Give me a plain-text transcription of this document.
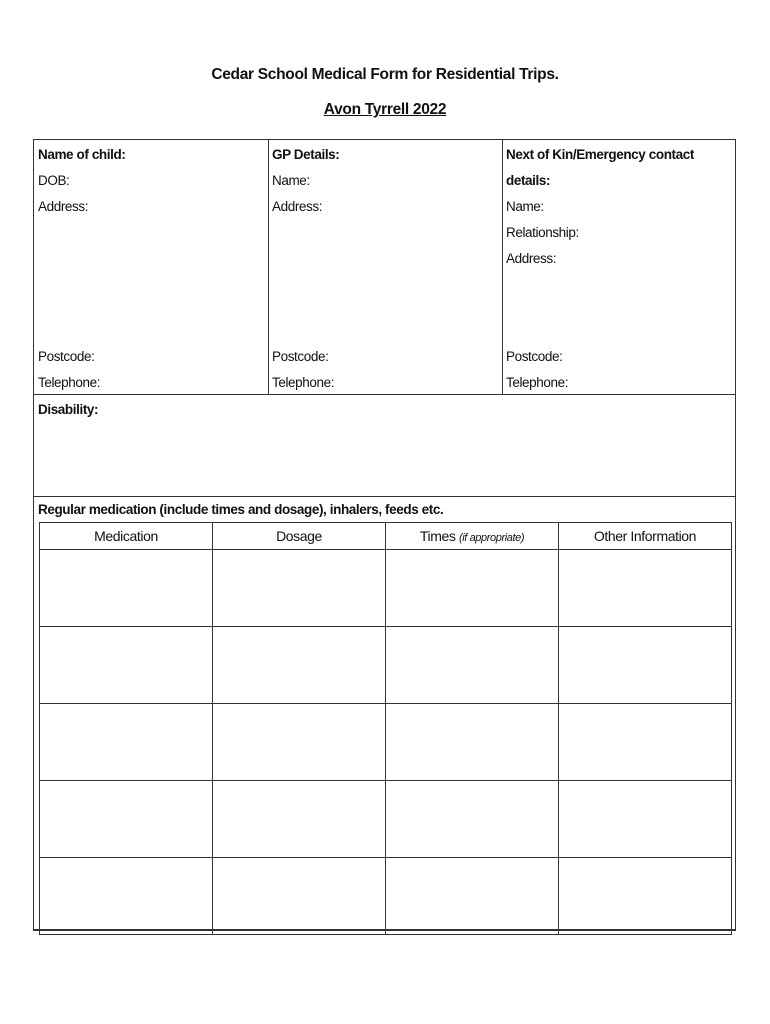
Cedar School Medical Form for Residential Trips.
Avon Tyrrell 2022
Name of child:
DOB:
Address:
Postcode:
Telephone:
GP Details:
Name:
Address:
Postcode:
Telephone:
Next of Kin/Emergency contact details:
Name:
Relationship:
Address:
Postcode:
Telephone:
Disability:
Regular medication (include times and dosage), inhalers, feeds etc.
Medication	Dosage	Times (if appropriate)	Other Information
